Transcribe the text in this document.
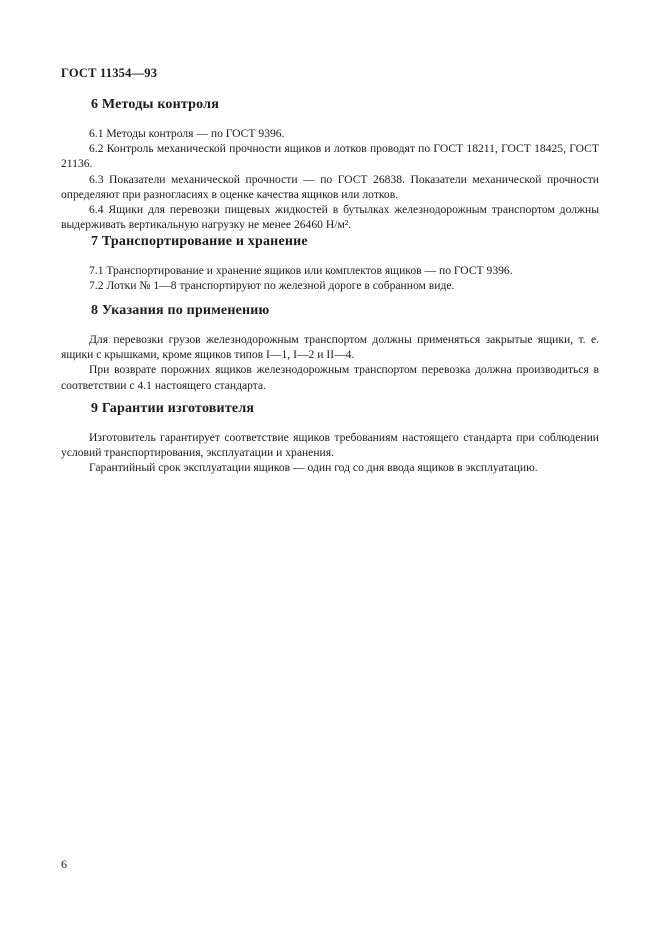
ГОСТ 11354—93
6 Методы контроля

6.1 Методы контроля — по ГОСТ 9396.

6.2 Контроль механической прочности ящиков и лотков проводят по ГОСТ 18211, ГОСТ 18425, ГОСТ 21136.

6.3 Показатели механической прочности — по ГОСТ 26838. Показатели механической прочности определяют при разногласиях в оценке качества ящиков или лотков.

6.4 Ящики для перевозки пищевых жидкостей в бутылках железнодорожным транспортом должны выдерживать вертикальную нагрузку не менее 26460 Н/м².

7 Транспортирование и хранение

7.1 Транспортирование и хранение ящиков или комплектов ящиков — по ГОСТ 9396.

7.2 Лотки № 1—8 транспортируют по железной дороге в собранном виде.

8 Указания по применению

Для перевозки грузов железнодорожным транспортом должны применяться закрытые ящики, т. е. ящики с крышками, кроме ящиков типов I—1, I—2 и II—4.

При возврате порожних ящиков железнодорожным транспортом перевозка должна производиться в соответствии с 4.1 настоящего стандарта.

9 Гарантии изготовителя

Изготовитель гарантирует соответствие ящиков требованиям настоящего стандарта при соблюдении условий транспортирования, эксплуатации и хранения.

Гарантийный срок эксплуатации ящиков — один год со дня ввода ящиков в эксплуатацию.

6
